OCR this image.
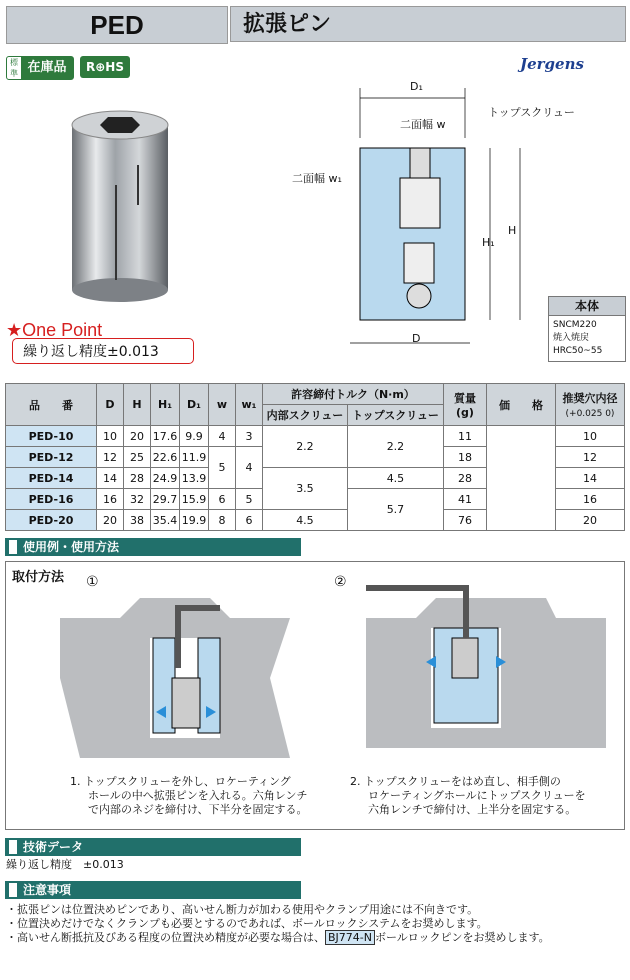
PED	拡張ピン
標準 在庫品	R⊕HS	Jergens
★One Point
繰り返し精度±0.013
D₁
二面幅 w
トップスクリュー
二面幅 w₁
H₁
H
D
本体
SNCM220
焼入焼戻
HRC50~55
品　　番	D	H	H₁	D₁	w	w₁	許容締付トルク（N·m）		質量
(g)	価　　格	推奨穴内径
(+0.025 0)
							内部スクリュー	トップスクリュー			
PED-10	10	20	17.6	9.9	4	3	2.2	2.2	11		10
PED-12	12	25	22.6	11.9	5	4			18		12
PED-14	14	28	24.9	13.9			3.5	4.5	28		14
PED-16	16	32	29.7	15.9	6	5		5.7	41		16
PED-20	20	38	35.4	19.9	8	6	4.5		76		20
使用例・使用方法
取付方法 ①	②
1. トップスクリューを外し、ロケーティング
ホールの中へ拡張ピンを入れる。六角レンチ
で内部のネジを締付け、下半分を固定する。
2. トップスクリューをはめ直し、相手側の
ロケーティングホールにトップスクリューを
六角レンチで締付け、上半分を固定する。
技術データ
繰り返し精度　 ±0.013
注意事項
・拡張ピンは位置決めピンであり、高いせん断力が加わる使用やクランプ用途には不向きです。
・位置決めだけでなくクランプも必要とするのであれば、ボールロックシステムをお奨めします。
・高いせん断抵抗及びある程度の位置決め精度が必要な場合は、 BJ774-N ボールロックピンをお奨めします。
